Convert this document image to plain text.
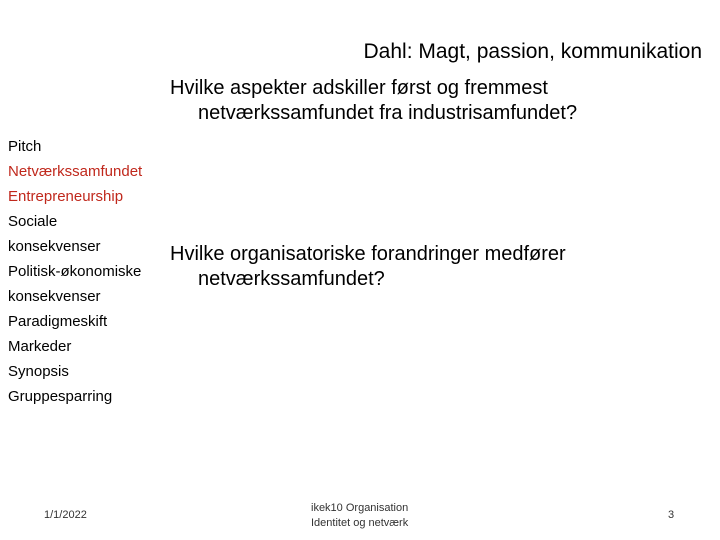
Dahl: Magt, passion, kommunikation

Hvilke aspekter adskiller først og fremmest netværkssamfundet fra industrisamfundet?

Hvilke organisatoriske forandringer medfører netværkssamfundet?

Pitch
Netværkssamfundet
Entrepreneurship
Sociale
konsekvenser
Politisk-økonomiske
konsekvenser
Paradigmeskift
Markeder
Synopsis
Gruppesparring
1/1/2022
ikek10 Organisation
Identitet og netværk
3
